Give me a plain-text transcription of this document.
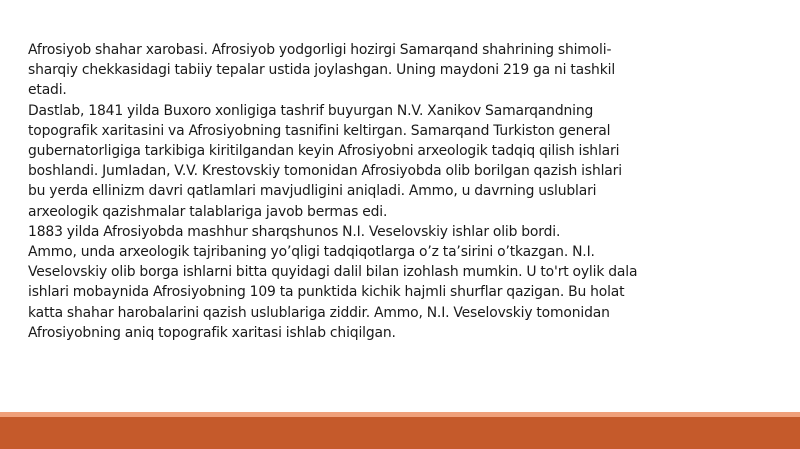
Afrosiyob shahar xarobasi. Afrosiyob yodgorligi hozirgi Samarqand shahrining shimoli-sharqiy chekkasidagi tabiiy tepalar ustida joylashgan. Uning maydoni 219 ga ni tashkil etadi.

Dastlab, 1841 yilda Buxoro xonligiga tashrif buyurgan N.V. Xanikov Samarqandning topografik xaritasini va Afrosiyobning tasnifini keltirgan. Samarqand Turkiston general gubernatorligiga tarkibiga kiritilgandan keyin Afrosiyobni arxeologik tadqiq qilish ishlari boshlandi. JumIadan, V.V. Krestovskiy tomonidan Afrosiyobda olib borilgan qazish ishlari bu yerda ellinizm davri qatlamlari mavjudligini aniqladi. Ammo, u davrning uslublari arxeologik qazishmalar talablariga javob bermas edi.

1883 yilda Afrosiyobda mashhur sharqshunos N.I. Veselovskiy ishlar olib bordi.

Ammo, unda arxeologik tajribaning yo’qligi tadqiqotlarga o’z ta’sirini o’tkazgan. N.I. Veselovskiy olib borga ishlarni bitta quyidagi dalil bilan izohlash mumkin. U to'rt oylik dala ishlari mobaynida Afrosiyobning 109 ta punktida kichik hajmli shurflar qazigan. Bu holat katta shahar harobalarini qazish uslublariga ziddir. Ammo, N.I. Veselovskiy tomonidan Afrosiyobning aniq topografik xaritasi ishlab chiqilgan.
